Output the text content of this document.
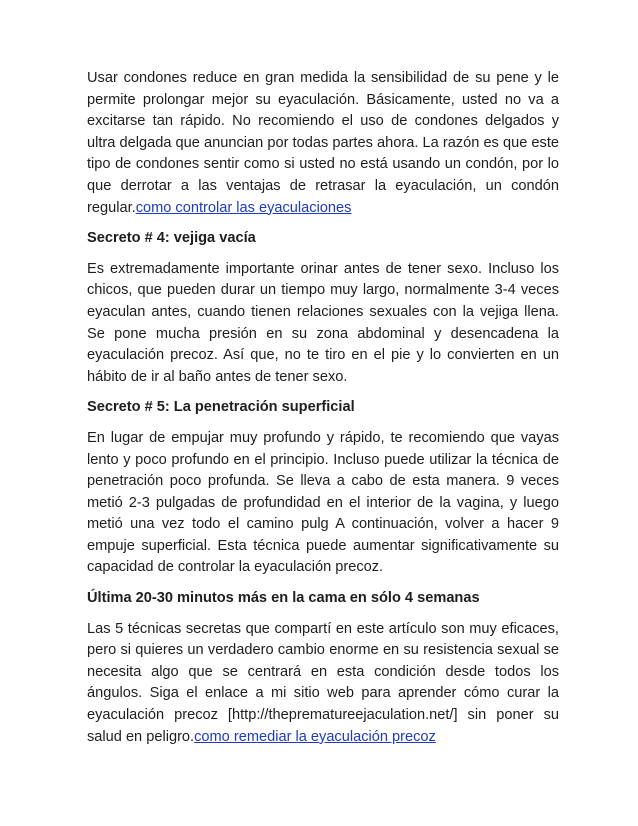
Usar condones reduce en gran medida la sensibilidad de su pene y le permite prolongar mejor su eyaculación. Básicamente, usted no va a excitarse tan rápido. No recomiendo el uso de condones delgados y ultra delgada que anuncian por todas partes ahora. La razón es que este tipo de condones sentir como si usted no está usando un condón, por lo que derrotar a las ventajas de retrasar la eyaculación, un condón regular.como controlar las eyaculaciones

Secreto # 4: vejiga vacía

Es extremadamente importante orinar antes de tener sexo. Incluso los chicos, que pueden durar un tiempo muy largo, normalmente 3-4 veces eyaculan antes, cuando tienen relaciones sexuales con la vejiga llena. Se pone mucha presión en su zona abdominal y desencadena la eyaculación precoz. Así que, no te tiro en el pie y lo convierten en un hábito de ir al baño antes de tener sexo.

Secreto # 5: La penetración superficial

En lugar de empujar muy profundo y rápido, te recomiendo que vayas lento y poco profundo en el principio. Incluso puede utilizar la técnica de penetración poco profunda. Se lleva a cabo de esta manera. 9 veces metió 2-3 pulgadas de profundidad en el interior de la vagina, y luego metió una vez todo el camino pulg A continuación, volver a hacer 9 empuje superficial. Esta técnica puede aumentar significativamente su capacidad de controlar la eyaculación precoz.

Última 20-30 minutos más en la cama en sólo 4 semanas

Las 5 técnicas secretas que compartí en este artículo son muy eficaces, pero si quieres un verdadero cambio enorme en su resistencia sexual se necesita algo que se centrará en esta condición desde todos los ángulos. Siga el enlace a mi sitio web para aprender cómo curar la eyaculación precoz [http://theprematureejaculation.net/] sin poner su salud en peligro.como remediar la eyaculación precoz
